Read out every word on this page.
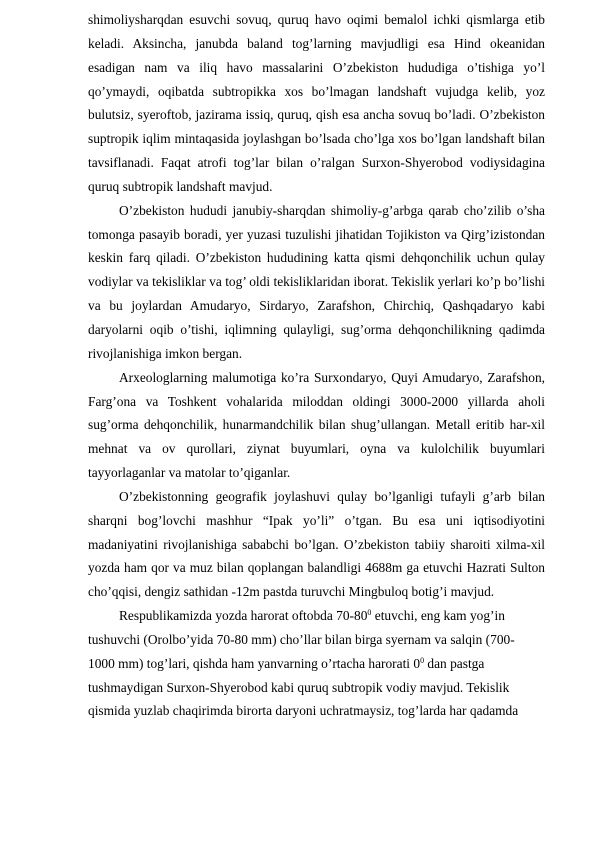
shimoliysharqdan esuvchi sovuq, quruq havo oqimi bemalol ichki qismlarga etib keladi. Aksincha, janubda baland tog’larning mavjudligi esa Hind okeanidan esadigan nam va iliq havo massalarini O’zbekiston hududiga o’tishiga yo’l qo’ymaydi, oqibatda subtropikka xos bo’lmagan landshaft vujudga kelib, yoz bulutsiz, syeroftob, jazirama issiq, quruq, qish esa ancha sovuq bo’ladi. O’zbekiston suptropik iqlim mintaqasida joylashgan bo’lsada cho’lga xos bo’lgan landshaft bilan tavsiflanadi. Faqat atrofi tog’lar bilan o’ralgan Surxon-Shyerobod vodiysidagina quruq subtropik landshaft mavjud.

O’zbekiston hududi janubiy-sharqdan shimoliy-g’arbga qarab cho’zilib o’sha tomonga pasayib boradi, yer yuzasi tuzulishi jihatidan Tojikiston va Qirg’izistondan keskin farq qiladi. O’zbekiston hududining katta qismi dehqonchilik uchun qulay vodiylar va tekisliklar va tog’ oldi tekisliklaridan iborat. Tekislik yerlari ko’p bo’lishi va bu joylardan Amudaryo, Sirdaryo, Zarafshon, Chirchiq, Qashqadaryo kabi daryolarni oqib o’tishi, iqlimning qulayligi, sug’orma dehqonchilikning qadimda rivojlanishiga imkon bergan.

Arxeologlarning malumotiga ko’ra Surxondaryo, Quyi Amudaryo, Zarafshon, Farg’ona va Toshkent vohalarida miloddan oldingi 3000-2000 yillarda aholi sug’orma dehqonchilik, hunarmandchilik bilan shug’ullangan. Metall eritib har-xil mehnat va ov qurollari, ziynat buyumlari, oyna va kulolchilik buyumlari tayyorlaganlar va matolar to’qiganlar.

O’zbekistonning geografik joylashuvi qulay bo’lganligi tufayli g’arb bilan sharqni bog’lovchi mashhur “Ipak yo’li” o’tgan. Bu esa uni iqtisodiyotini madaniyatini rivojlanishiga sababchi bo’lgan. O’zbekiston tabiiy sharoiti xilma-xil yozda ham qor va muz bilan qoplangan balandligi 4688m ga etuvchi Hazrati Sulton cho’qqisi, dengiz sathidan -12m pastda turuvchi Mingbuloq botig’i mavjud.

Respublikamizda yozda harorat oftobda $70-80^0$ etuvchi, eng kam yog’in tushuvchi (Orolbo’yida 70-80 mm) cho’llar bilan birga syernam va salqin (700-1000 mm) tog’lari, qishda ham yanvarning o’rtacha harorati $0^0$ dan pastga tushmaydigan Surxon-Shyerobod kabi quruq subtropik vodiy mavjud. Tekislik qismida yuzlab chaqirimda birorta daryoni uchratmaysiz, tog’larda har qadamda
